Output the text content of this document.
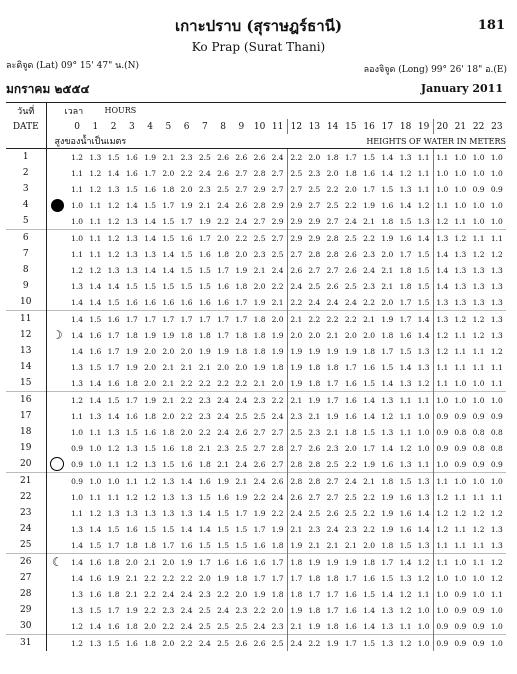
181
เกาะปราบ (สุราษฎร์ธานี)
Ko Prap (Surat Thani)
ละติจูด (Lat) 09° 15' 47" น.(N)	ลองจิจูด (Long) 99° 26' 18" อ.(E)
มกราคม ๒๕๕๔	January 2011
วันที่	เวลา			HOURS																					
DATE		0	1	2	3	4	5	6	7	8	9	10	11	12	13	14	15	16	17	18	19	20	21	22	23
	สูงของน้ำเป็นเมตร							HEIGHTS OF WATER IN METERS																	
1		1.2	1.3	1.5	1.6	1.9	2.1	2.3	2.5	2.6	2.6	2.6	2.4	2.2	2.0	1.8	1.7	1.5	1.4	1.3	1.1	1.1	1.0	1.0	1.0
2		1.1	1.2	1.4	1.6	1.7	2.0	2.2	2.4	2.6	2.7	2.8	2.7	2.5	2.3	2.0	1.8	1.6	1.4	1.2	1.1	1.0	1.0	1.0	1.0
3		1.1	1.2	1.3	1.5	1.6	1.8	2.0	2.3	2.5	2.7	2.9	2.7	2.7	2.5	2.2	2.0	1.7	1.5	1.3	1.1	1.0	1.0	0.9	0.9
4		1.0	1.1	1.2	1.4	1.5	1.7	1.9	2.1	2.4	2.6	2.8	2.9	2.9	2.7	2.5	2.2	1.9	1.6	1.4	1.2	1.1	1.0	1.0	1.0
5		1.0	1.1	1.2	1.3	1.4	1.5	1.7	1.9	2.2	2.4	2.7	2.9	2.9	2.9	2.7	2.4	2.1	1.8	1.5	1.3	1.2	1.1	1.0	1.0
6		1.0	1.1	1.2	1.3	1.4	1.5	1.6	1.7	2.0	2.2	2.5	2.7	2.9	2.9	2.8	2.5	2.2	1.9	1.6	1.4	1.3	1.2	1.1	1.1
7		1.1	1.1	1.2	1.3	1.3	1.4	1.5	1.6	1.8	2.0	2.3	2.5	2.7	2.8	2.8	2.6	2.3	2.0	1.7	1.5	1.4	1.3	1.2	1.2
8		1.2	1.2	1.3	1.3	1.4	1.4	1.5	1.5	1.7	1.9	2.1	2.4	2.6	2.7	2.7	2.6	2.4	2.1	1.8	1.5	1.4	1.3	1.3	1.3
9		1.3	1.4	1.4	1.5	1.5	1.5	1.5	1.5	1.6	1.8	2.0	2.2	2.4	2.5	2.6	2.5	2.3	2.1	1.8	1.5	1.4	1.3	1.3	1.3
10		1.4	1.4	1.5	1.6	1.6	1.6	1.6	1.6	1.6	1.7	1.9	2.1	2.2	2.4	2.4	2.4	2.2	2.0	1.7	1.5	1.3	1.3	1.3	1.3
11		1.4	1.5	1.6	1.7	1.7	1.7	1.7	1.7	1.7	1.7	1.8	2.0	2.1	2.2	2.2	2.2	2.1	1.9	1.7	1.4	1.3	1.2	1.2	1.3
12	☽	1.4	1.6	1.7	1.8	1.9	1.9	1.8	1.8	1.7	1.8	1.8	1.9	2.0	2.0	2.1	2.0	2.0	1.8	1.6	1.4	1.2	1.1	1.2	1.3
13		1.4	1.6	1.7	1.9	2.0	2.0	2.0	1.9	1.9	1.8	1.8	1.9	1.9	1.9	1.9	1.9	1.8	1.7	1.5	1.3	1.2	1.1	1.1	1.2
14		1.3	1.5	1.7	1.9	2.0	2.1	2.1	2.1	2.0	2.0	1.9	1.8	1.9	1.8	1.8	1.7	1.6	1.5	1.4	1.3	1.1	1.1	1.1	1.1
15		1.3	1.4	1.6	1.8	2.0	2.1	2.2	2.2	2.2	2.2	2.1	2.0	1.9	1.8	1.7	1.6	1.5	1.4	1.3	1.2	1.1	1.0	1.0	1.1
16		1.2	1.4	1.5	1.7	1.9	2.1	2.2	2.3	2.4	2.4	2.3	2.2	2.1	1.9	1.7	1.6	1.4	1.3	1.1	1.1	1.0	1.0	1.0	1.0
17		1.1	1.3	1.4	1.6	1.8	2.0	2.2	2.3	2.4	2.5	2.5	2.4	2.3	2.1	1.9	1.6	1.4	1.2	1.1	1.0	0.9	0.9	0.9	0.9
18		1.0	1.1	1.3	1.5	1.6	1.8	2.0	2.2	2.4	2.6	2.7	2.7	2.5	2.3	2.1	1.8	1.5	1.3	1.1	1.0	0.9	0.8	0.8	0.8
19		0.9	1.0	1.2	1.3	1.5	1.6	1.8	2.1	2.3	2.5	2.7	2.8	2.7	2.6	2.3	2.0	1.7	1.4	1.2	1.0	0.9	0.9	0.8	0.8
20		0.9	1.0	1.1	1.2	1.3	1.5	1.6	1.8	2.1	2.4	2.6	2.7	2.8	2.8	2.5	2.2	1.9	1.6	1.3	1.1	1.0	0.9	0.9	0.9
21		0.9	1.0	1.0	1.1	1.2	1.3	1.4	1.6	1.9	2.1	2.4	2.6	2.8	2.8	2.7	2.4	2.1	1.8	1.5	1.3	1.1	1.0	1.0	1.0
22		1.0	1.1	1.1	1.2	1.2	1.3	1.3	1.5	1.6	1.9	2.2	2.4	2.6	2.7	2.7	2.5	2.2	1.9	1.6	1.3	1.2	1.1	1.1	1.1
23		1.1	1.2	1.3	1.3	1.3	1.3	1.3	1.4	1.5	1.7	1.9	2.2	2.4	2.5	2.6	2.5	2.2	1.9	1.6	1.4	1.2	1.2	1.2	1.2
24		1.3	1.4	1.5	1.6	1.5	1.5	1.4	1.4	1.5	1.5	1.7	1.9	2.1	2.3	2.4	2.3	2.2	1.9	1.6	1.4	1.2	1.1	1.2	1.3
25		1.4	1.5	1.7	1.8	1.8	1.7	1.6	1.5	1.5	1.5	1.6	1.8	1.9	2.1	2.1	2.1	2.0	1.8	1.5	1.3	1.1	1.1	1.1	1.3
26	☾	1.4	1.6	1.8	2.0	2.1	2.0	1.9	1.7	1.6	1.6	1.6	1.7	1.8	1.9	1.9	1.9	1.8	1.7	1.4	1.2	1.1	1.0	1.1	1.2
27		1.4	1.6	1.9	2.1	2.2	2.2	2.2	2.0	1.9	1.8	1.7	1.7	1.7	1.8	1.8	1.7	1.6	1.5	1.3	1.2	1.0	1.0	1.0	1.2
28		1.3	1.6	1.8	2.1	2.2	2.4	2.4	2.3	2.2	2.0	1.9	1.8	1.8	1.7	1.7	1.6	1.5	1.4	1.2	1.1	1.0	0.9	1.0	1.1
29		1.3	1.5	1.7	1.9	2.2	2.3	2.4	2.5	2.4	2.3	2.2	2.0	1.9	1.8	1.7	1.6	1.4	1.3	1.2	1.0	1.0	0.9	0.9	1.0
30		1.2	1.4	1.6	1.8	2.0	2.2	2.4	2.5	2.5	2.5	2.4	2.3	2.1	1.9	1.8	1.6	1.4	1.3	1.1	1.0	0.9	0.9	0.9	1.0
31		1.2	1.3	1.5	1.6	1.8	2.0	2.2	2.4	2.5	2.6	2.6	2.5	2.4	2.2	1.9	1.7	1.5	1.3	1.2	1.0	0.9	0.9	0.9	1.0
